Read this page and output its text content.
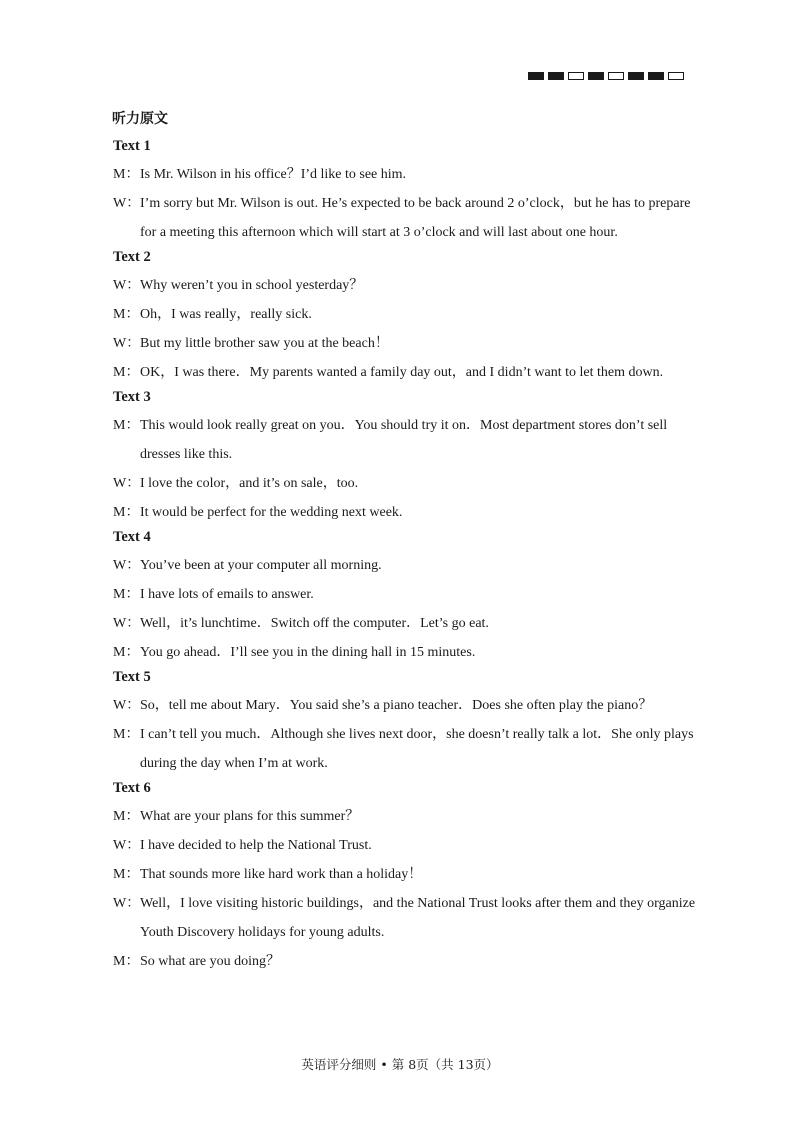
听力原文
Text 1
M：Is Mr. Wilson in his office？I’d like to see him.
W：I’m sorry but Mr. Wilson is out. He’s expected to be back around 2 o’clock，but he has to prepare for a meeting this afternoon which will start at 3 o’clock and will last about one hour.
Text 2
W：Why weren’t you in school yesterday？
M：Oh，I was really，really sick.
W：But my little brother saw you at the beach！
M：OK，I was there．My parents wanted a family day out，and I didn’t want to let them down.
Text 3
M：This would look really great on you．You should try it on．Most department stores don’t sell dresses like this.
W：I love the color，and it’s on sale，too.
M：It would be perfect for the wedding next week.
Text 4
W：You’ve been at your computer all morning.
M：I have lots of emails to answer.
W：Well，it’s lunchtime．Switch off the computer．Let’s go eat.
M：You go ahead．I’ll see you in the dining hall in 15 minutes.
Text 5
W：So，tell me about Mary．You said she’s a piano teacher．Does she often play the piano？
M：I can’t tell you much．Although she lives next door，she doesn’t really talk a lot．She only plays during the day when I’m at work.
Text 6
M：What are your plans for this summer？
W：I have decided to help the National Trust.
M：That sounds more like hard work than a holiday！
W：Well，I love visiting historic buildings，and the National Trust looks after them and they organize Youth Discovery holidays for young adults.
M：So what are you doing？
英语评分细则 • 第 8页（共 13页）
